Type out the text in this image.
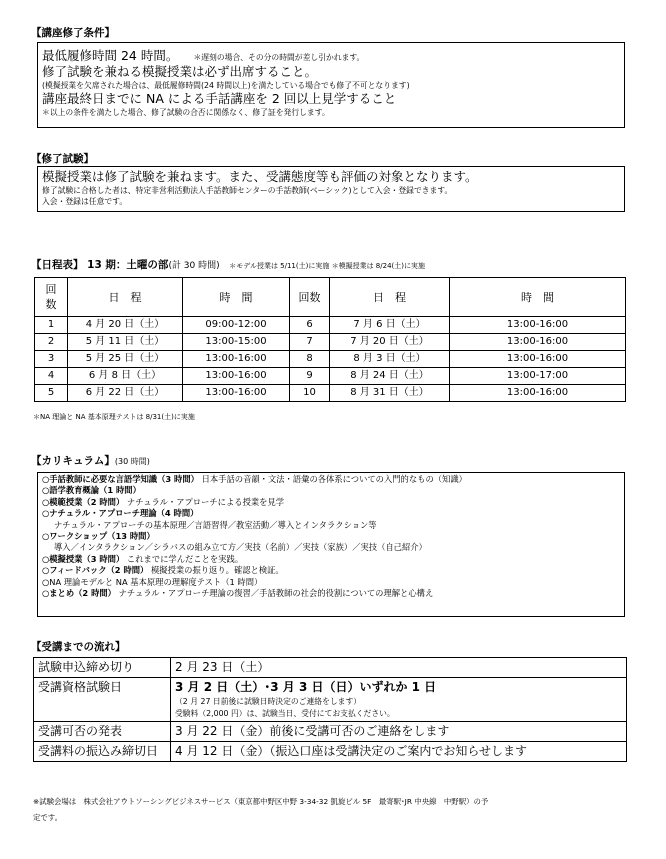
【講座修了条件】
最低履修時間 24 時間。 ＊遅刻の場合、その分の時間が差し引かれます。
修了試験を兼ねる模擬授業は必ず出席すること。
(模擬授業を欠席された場合は、最低履修時間(24 時間以上)を満たしている場合でも修了不可となります)
講座最終日までに NA による手話講座を 2 回以上見学すること
＊以上の条件を満たした場合、修了試験の合否に関係なく、修了証を発行します。
【修了試験】
模擬授業は修了試験を兼ねます。また、受講態度等も評価の対象となります。
修了試験に合格した者は、特定非営利活動法人手話教師センターの手話教師(ベーシック)として入会・登録できます。
入会・登録は任意です。
【日程表】 13 期：土曜の部(計 30 時間) ＊モデル授業は 5/11(土)に実施 ＊模擬授業は 8/24(土)に実施
回
数	日　程	時　間	回数	日　程	時　間
1	4 月 20 日（土）	09:00-12:00	6	7 月 6 日（土）	13:00-16:00
2	5 月 11 日（土）	13:00-15:00	7	7 月 20 日（土）	13:00-16:00
3	5 月 25 日（土）	13:00-16:00	8	8 月 3 日（土）	13:00-16:00
4	6 月 8 日（土）	13:00-16:00	9	8 月 24 日（土）	13:00-17:00
5	6 月 22 日（土）	13:00-16:00	10	8 月 31 日（土）	13:00-16:00
＊NA 理論と NA 基本原理テストは 8/31(土)に実施
【カリキュラム】(30 時間)
○手話教師に必要な言語学知識（3 時間） 日本手話の音韻・文法・語彙の各体系についての入門的なもの（知識）
○語学教育概論（1 時間）
○模範授業（2 時間） ナチュラル・アプローチによる授業を見学
○ナチュラル・アプローチ理論（4 時間）
ナチュラル・アプローチの基本原理／言語習得／教室活動／導入とインタラクション等
○ワークショップ（13 時間）
導入／インタラクション／シラバスの組み立て方／実技（名前）／実技（家族）／実技（自己紹介）
○模擬授業（3 時間） これまでに学んだことを実践。
○フィードバック（2 時間） 模擬授業の振り返り。確認と検証。
○NA 理論モデルと NA 基本原理の理解度テスト（1 時間）
○まとめ（2 時間） ナチュラル・アプローチ理論の復習／手話教師の社会的役割についての理解と心構え
【受講までの流れ】
試験申込締め切り	2 月 23 日（土）
受講資格試験日	3 月 2 日（土）･3 月 3 日（日）いずれか 1 日
（2 月 27 日前後に試験日時決定のご連絡をします）
受験料（2,000 円）は、試験当日、受付にてお支払ください。

受講可否の発表	3 月 22 日（金）前後に受講可否のご連絡をします
受講料の振込み締切日	4 月 12 日（金）（振込口座は受講決定のご案内でお知らせします
※試験会場は　株式会社アウトソーシングビジネスサービス（東京都中野区中野 3-34-32 凱旋ビル 5F　最寄駅･JR 中央線　中野駅）の予
定です。
